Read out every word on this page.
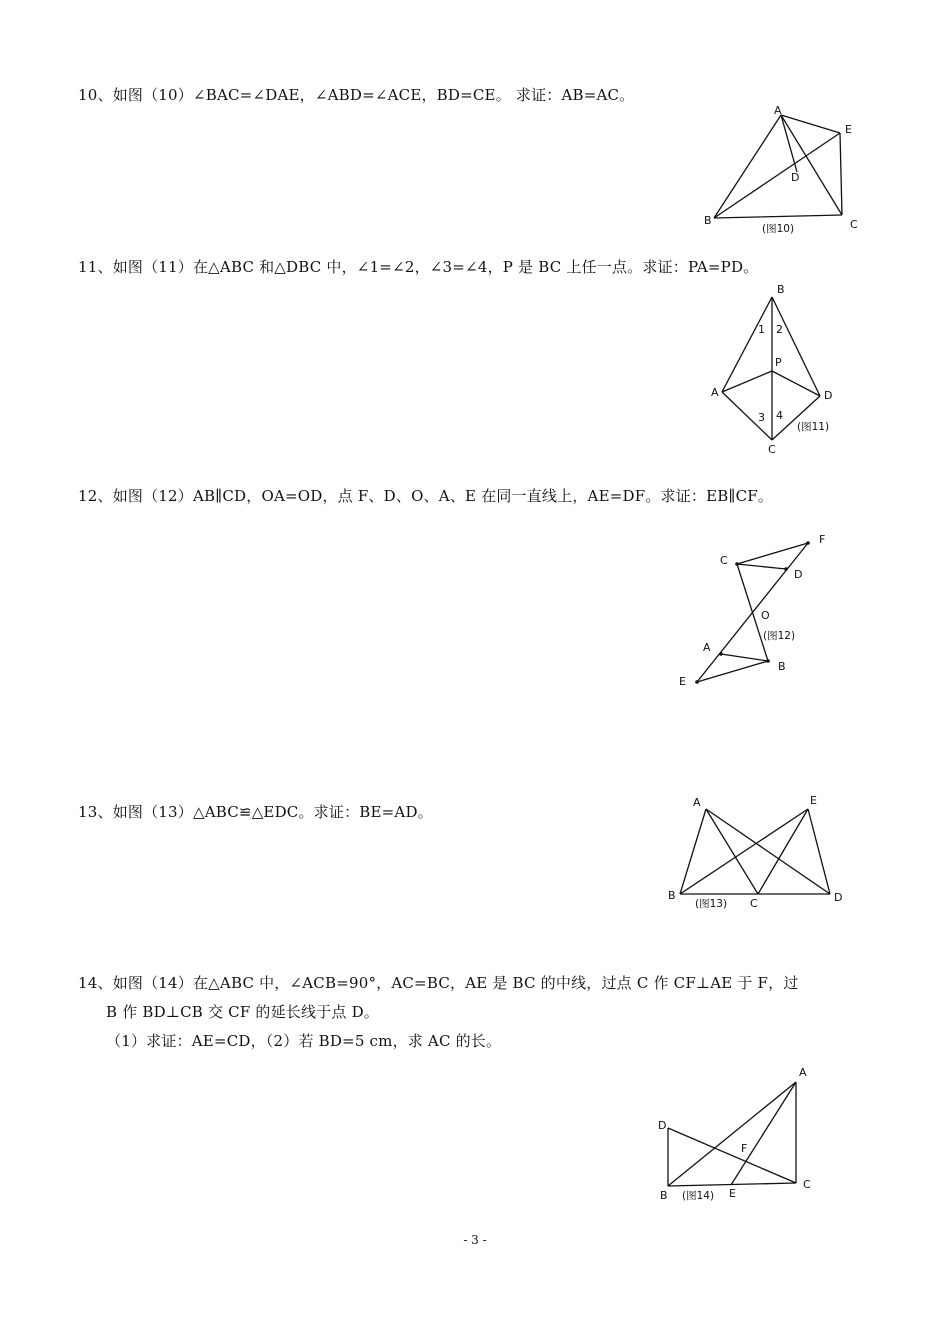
10、如图（10）∠BAC=∠DAE，∠ABD=∠ACE，BD=CE。 求证：AB=AC。
A
E
D
B	C
(图10)
11、如图（11）在△ABC 和△DBC 中，∠1=∠2，∠3=∠4，P 是 BC 上任一点。求证：PA=PD。
B
1 2
P
A	D
3 4
(图11)
C
12、如图（12）AB∥CD，OA=OD，点 F、D、O、A、E 在同一直线上，AE=DF。求证：EB∥CF。
F
C
D
O
(图12)
A
B
E
13、如图（13）△ABC≌△EDC。求证：BE=AD。
A	E
B
(图13) C	D
14、如图（14）在△ABC 中，∠ACB=90°，AC=BC，AE 是 BC 的中线，过点 C 作 CF⊥AE 于 F，过
B 作 BD⊥CB 交 CF 的延长线于点 D。
（1）求证：AE=CD，（2）若 BD=5 cm，求 AC 的长。
A
D
F
B (图14) E
C
- 3 -
